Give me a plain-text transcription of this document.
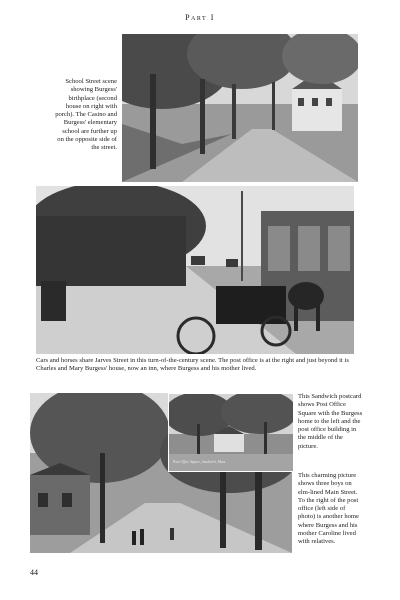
Part I
School Street scene showing Burgess' birthplace (second house on right with porch). The Casino and Burgess' elementary school are further up on the opposite side of the street.
Cars and horses share Jarves Street in this turn-of-the-century scene. The post office is at the right and just beyond it is Charles and Mary Burgess' house, now an inn, where Burgess and his mother lived.
Post Office Square, Sandwich, Mass.
This Sandwich postcard shows Post Office Square with the Burgess home to the left and the post office building in the middle of the picture.
This charming picture shows three boys on elm-lined Main Street. To the right of the post office (left side of photo) is another home where Burgess and his mother Caroline lived with relatives.
44
